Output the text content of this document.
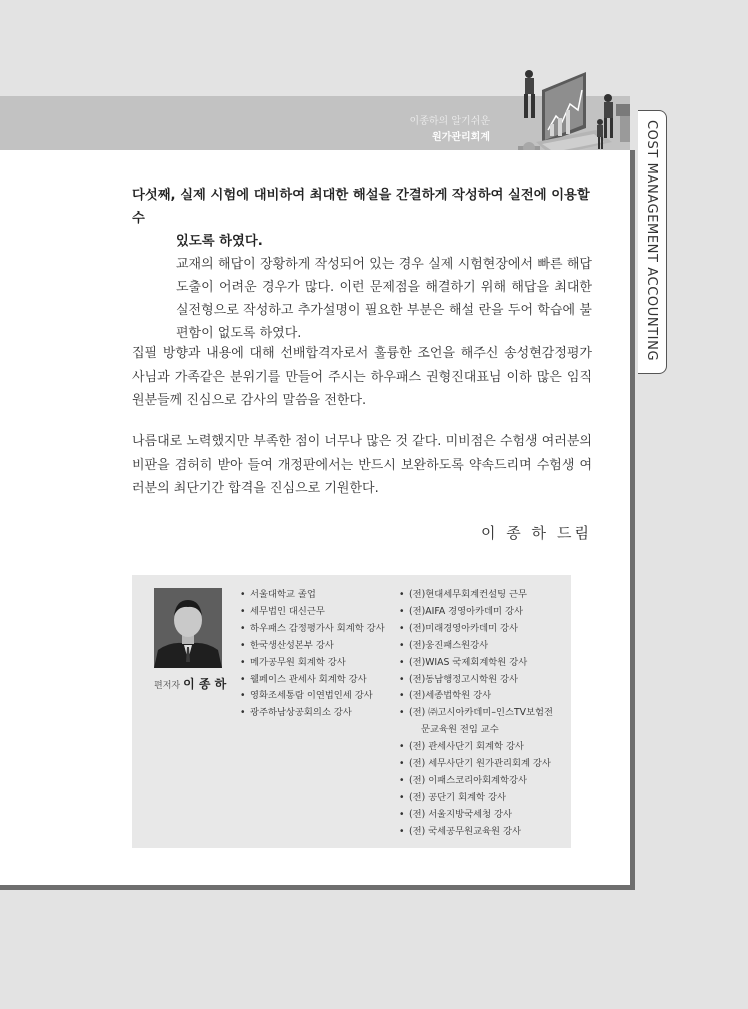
이종하의 알기쉬운
원가관리회계	COST MANAGEMENT ACCOUNTING

다섯째, 실제 시험에 대비하여 최대한 해설을 간결하게 작성하여 실전에 이용할 수
있도록 하였다.

교재의 해답이 장황하게 작성되어 있는 경우 실제 시험현장에서 빠른 해답 도출이 어려운 경우가 많다. 이런 문제점을 해결하기 위해 해답을 최대한 실전형으로 작성하고 추가설명이 필요한 부분은 해설 란을 두어 학습에 불편함이 없도록 하였다.

집필 방향과 내용에 대해 선배합격자로서 훌륭한 조언을 해주신 송성현감정평가사님과 가족같은 분위기를 만들어 주시는 하우패스 권형진대표님 이하 많은 임직원분들께 진심으로 감사의 말씀을 전한다.

나름대로 노력했지만 부족한 점이 너무나 많은 것 같다. 미비점은 수험생 여러분의 비판을 겸허히 받아 들여 개정판에서는 반드시 보완하도록 약속드리며 수험생 여러분의 최단기간 합격을 진심으로 기원한다.

이 종 하 드림
편저자 이 종 하
• 서울대학교 졸업
• 세무법인 대신근무
• 하우패스 감정평가사 회계학 강사
• 한국생산성본부 강사
• 메가공무원 회계학 강사
• 웰페이스 관세사 회계학 강사
• 영화조세통람 이연법인세 강사
• 광주하남상공회의소 강사
• (전)현대세무회계컨설팅 근무
• (전)AIFA 경영아카데미 강사
• (전)미래경영아카데미 강사
• (전)웅진패스원강사
• (전)WIAS 국제회계학원 강사
• (전)동남행정고시학원 강사
• (전)세종법학원 강사
• (전) ㈜고시아카데미–인스TV보험전
문교육원 전임 교수
• (전) 관세사단기 회계학 강사
• (전) 세무사단기 원가관리회계 강사
• (전) 이패스코리아회계학강사
• (전) 공단기 회계학 강사
• (전) 서울지방국세청 강사
• (전) 국세공무원교육원 강사
